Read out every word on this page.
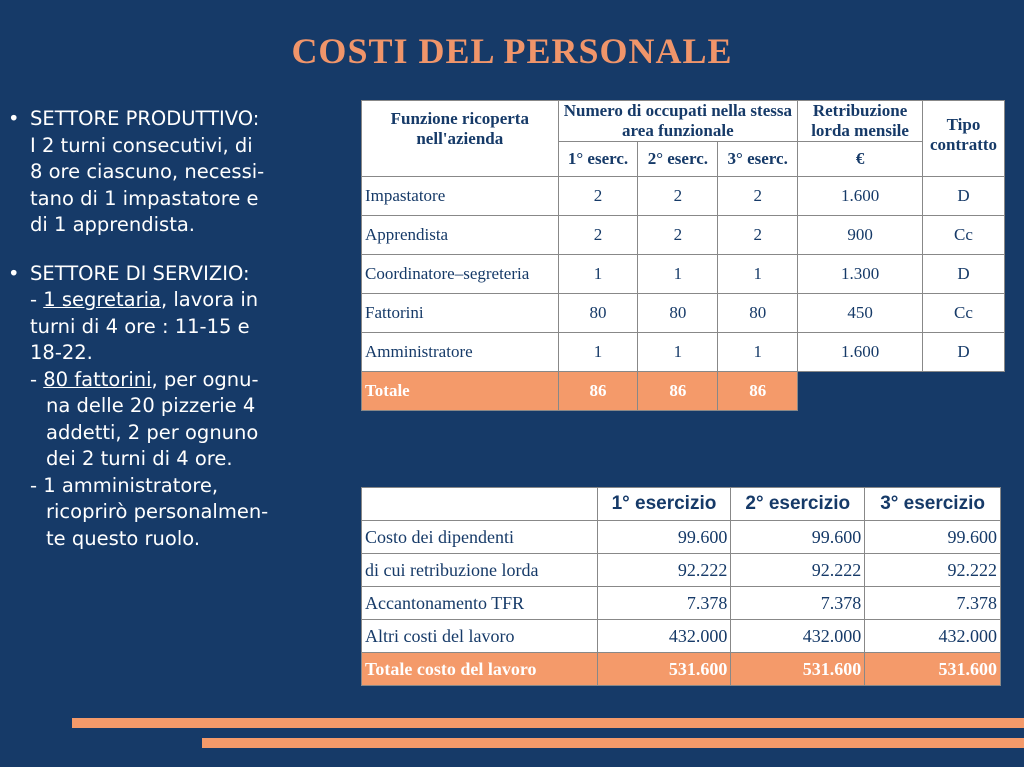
COSTI DEL PERSONALE
• SETTORE PRODUTTIVO:
I 2 turni consecutivi, di
8 ore ciascuno, necessi-
tano di 1 impastatore e
di 1 apprendista.
• SETTORE DI SERVIZIO:
- 1 segretaria, lavora in
turni di 4 ore : 11-15 e
18-22.
- 80 fattorini, per ognu-
na delle 20 pizzerie 4
addetti, 2 per ognuno
dei 2 turni di 4 ore.
- 1 amministratore,
ricoprirò personalmen-
te questo ruolo.
Funzione ricoperta nell'azienda	Numero di occupati nella stessa area funzionale			Retribuzione lorda mensile	Tipo contratto
	1° eserc.	2° eserc.	3° eserc.	€	
Impastatore	2	2	2	1.600	D
Apprendista	2	2	2	900	Cc
Coordinatore–segreteria	1	1	1	1.300	D
Fattorini	80	80	80	450	Cc
Amministratore	1	1	1	1.600	D
Totale	86	86	86		
	1° esercizio	2° esercizio	3° esercizio
Costo dei dipendenti	99.600	99.600	99.600
di cui retribuzione lorda	92.222	92.222	92.222
Accantonamento TFR	7.378	7.378	7.378
Altri costi del lavoro	432.000	432.000	432.000
Totale costo del lavoro	531.600	531.600	531.600
